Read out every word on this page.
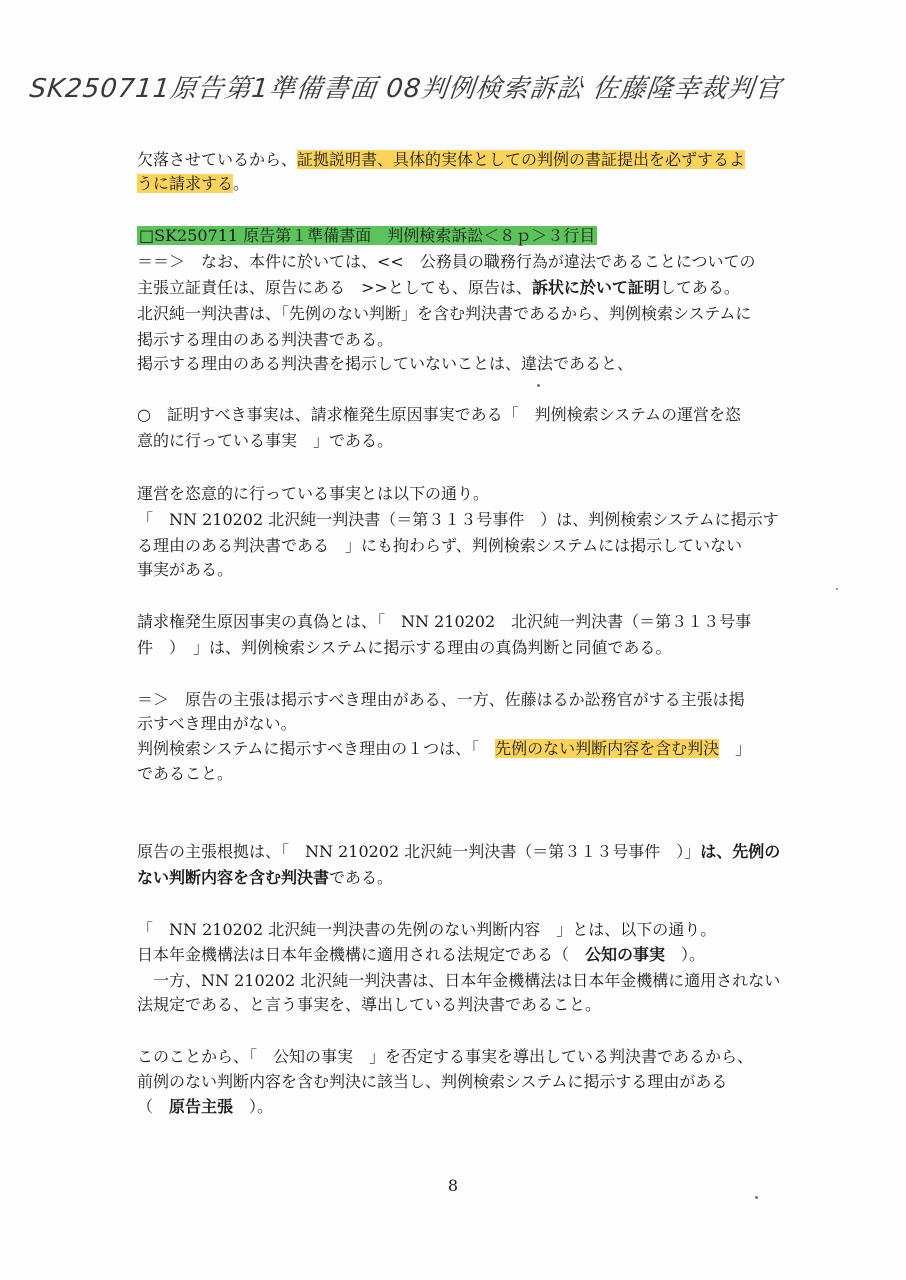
SK250711原告第1準備書面 08判例検索訴訟 佐藤隆幸裁判官
欠落させているから、証拠説明書、具体的実体としての判例の書証提出を必ずするよ
うに請求する。
□SK250711 原告第１準備書面　判例検索訴訟＜８ｐ＞３行目
＝＝＞　なお、本件に於いては、<<　公務員の職務行為が違法であることについての
主張立証責任は、原告にある　>>としても、原告は、訴状に於いて証明してある。
北沢純一判決書は、「先例のない判断」を含む判決書であるから、判例検索システムに
掲示する理由のある判決書である。
掲示する理由のある判決書を掲示していないことは、違法であると、
○　証明すべき事実は、請求権発生原因事実である「　判例検索システムの運営を恣
意的に行っている事実　」である。
運営を恣意的に行っている事実とは以下の通り。
「　NN 210202 北沢純一判決書（＝第３１３号事件　）は、判例検索システムに掲示す
る理由のある判決書である　」にも拘わらず、判例検索システムには掲示していない
事実がある。
請求権発生原因事実の真偽とは、「　NN 210202　北沢純一判決書（＝第３１３号事
件　）　」は、判例検索システムに掲示する理由の真偽判断と同値である。
＝＞　原告の主張は掲示すべき理由がある、一方、佐藤はるか訟務官がする主張は掲
示すべき理由がない。
判例検索システムに掲示すべき理由の１つは、「　先例のない判断内容を含む判決　」
であること。
原告の主張根拠は、「　NN 210202 北沢純一判決書（＝第３１３号事件　）」は、先例の
ない判断内容を含む判決書である。
「　NN 210202 北沢純一判決書の先例のない判断内容　」とは、以下の通り。
日本年金機構法は日本年金機構に適用される法規定である（　公知の事実　）。
　一方、NN 210202 北沢純一判決書は、日本年金機構法は日本年金機構に適用されない
法規定である、と言う事実を、導出している判決書であること。
このことから、「　公知の事実　」を否定する事実を導出している判決書であるから、
前例のない判断内容を含む判決に該当し、判例検索システムに掲示する理由がある
（　原告主張　）。
8
